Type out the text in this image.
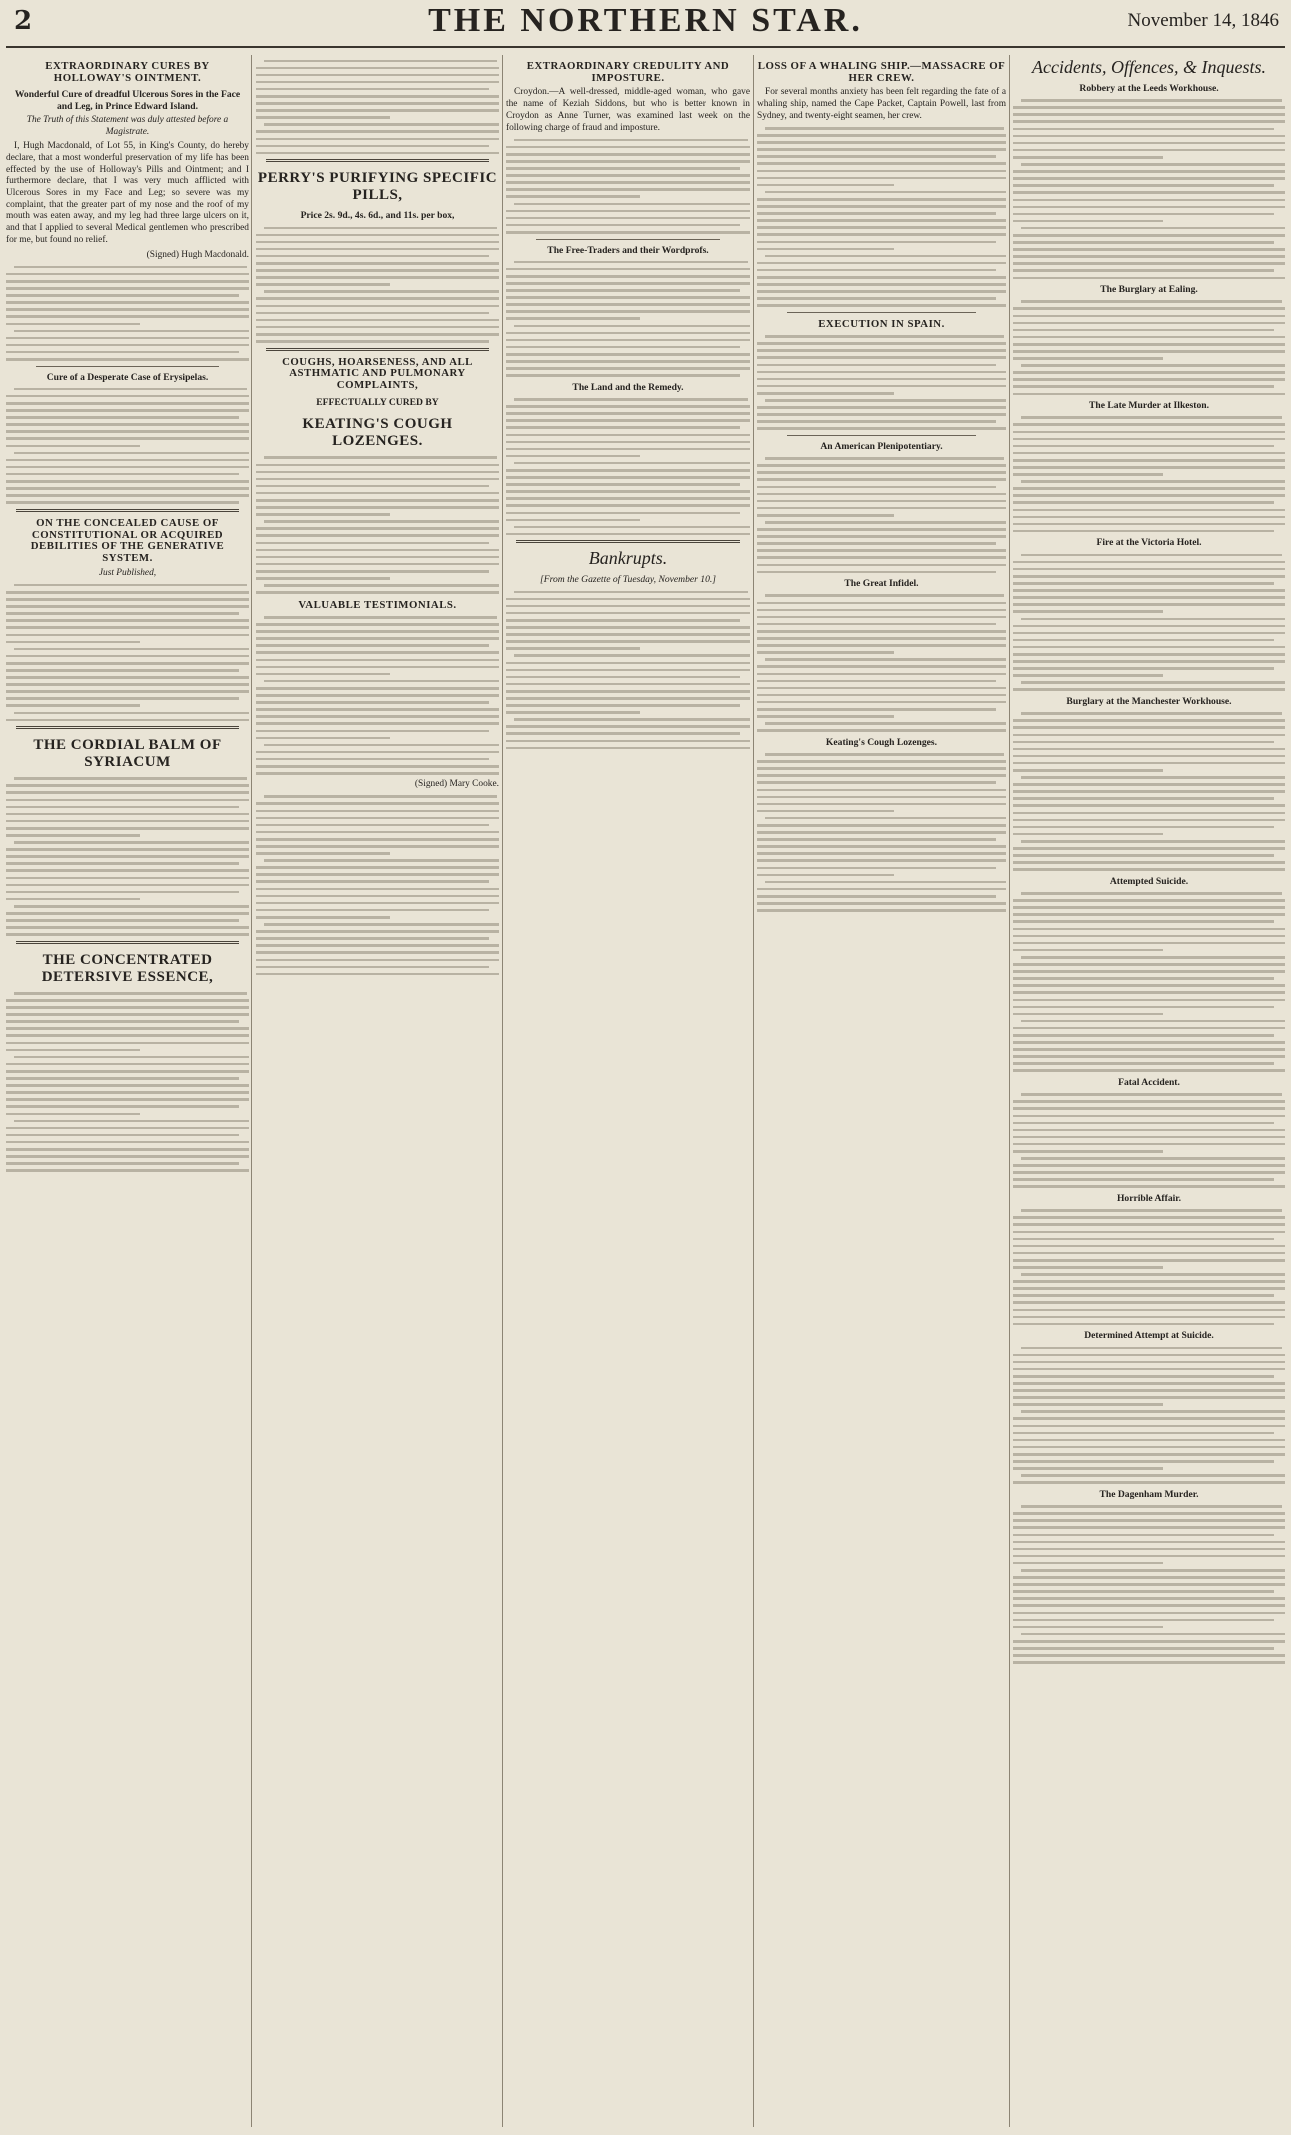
2	THE NORTHERN STAR.	November 14, 1846
EXTRAORDINARY CURES BY HOLLOWAY'S OINTMENT.
Wonderful Cure of dreadful Ulcerous Sores in the Face and Leg, in Prince Edward Island.

The Truth of this Statement was duly attested before a Magistrate.

I, Hugh Macdonald, of Lot 55, in King's County, do hereby declare, that a most wonderful preservation of my life has been effected by the use of Holloway's Pills and Ointment; and I furthermore declare, that I was very much afflicted with Ulcerous Sores in my Face and Leg; so severe was my complaint, that the greater part of my nose and the roof of my mouth was eaten away, and my leg had three large ulcers on it, and that I applied to several Medical gentlemen who prescribed for me, but found no relief.

(Signed) Hugh Macdonald.

Cure of a Desperate Case of Erysipelas.
ON THE CONCEALED CAUSE OF CONSTITUTIONAL OR ACQUIRED DEBILITIES OF THE GENERATIVE SYSTEM.

Just Published,

THE CORDIAL BALM OF SYRIACUM
THE CONCENTRATED DETERSIVE ESSENCE,
PERRY'S PURIFYING SPECIFIC PILLS,
Price 2s. 9d., 4s. 6d., and 11s. per box,
COUGHS, HOARSENESS, AND ALL ASTHMATIC AND PULMONARY COMPLAINTS,
EFFECTUALLY CURED BY
KEATING'S COUGH LOZENGES.
VALUABLE TESTIMONIALS.

(Signed) Mary Cooke.

EXTRAORDINARY CREDULITY AND IMPOSTURE.

Croydon.—A well-dressed, middle-aged woman, who gave the name of Keziah Siddons, but who is better known in Croydon as Anne Turner, was examined last week on the following charge of fraud and imposture.

The Free-Traders and their Wordprofs.
The Land and the Remedy.
Bankrupts.
[From the Gazette of Tuesday, November 10.]
LOSS OF A WHALING SHIP.—MASSACRE OF HER CREW.

For several months anxiety has been felt regarding the fate of a whaling ship, named the Cape Packet, Captain Powell, last from Sydney, and twenty-eight seamen, her crew.

EXECUTION IN SPAIN.
An American Plenipotentiary.
The Great Infidel.
Keating's Cough Lozenges.
Accidents, Offences, & Inquests.
Robbery at the Leeds Workhouse.
The Burglary at Ealing.
The Late Murder at Ilkeston.
Fire at the Victoria Hotel.
Burglary at the Manchester Workhouse.
Attempted Suicide.
Fatal Accident.
Horrible Affair.
Determined Attempt at Suicide.
The Dagenham Murder.
